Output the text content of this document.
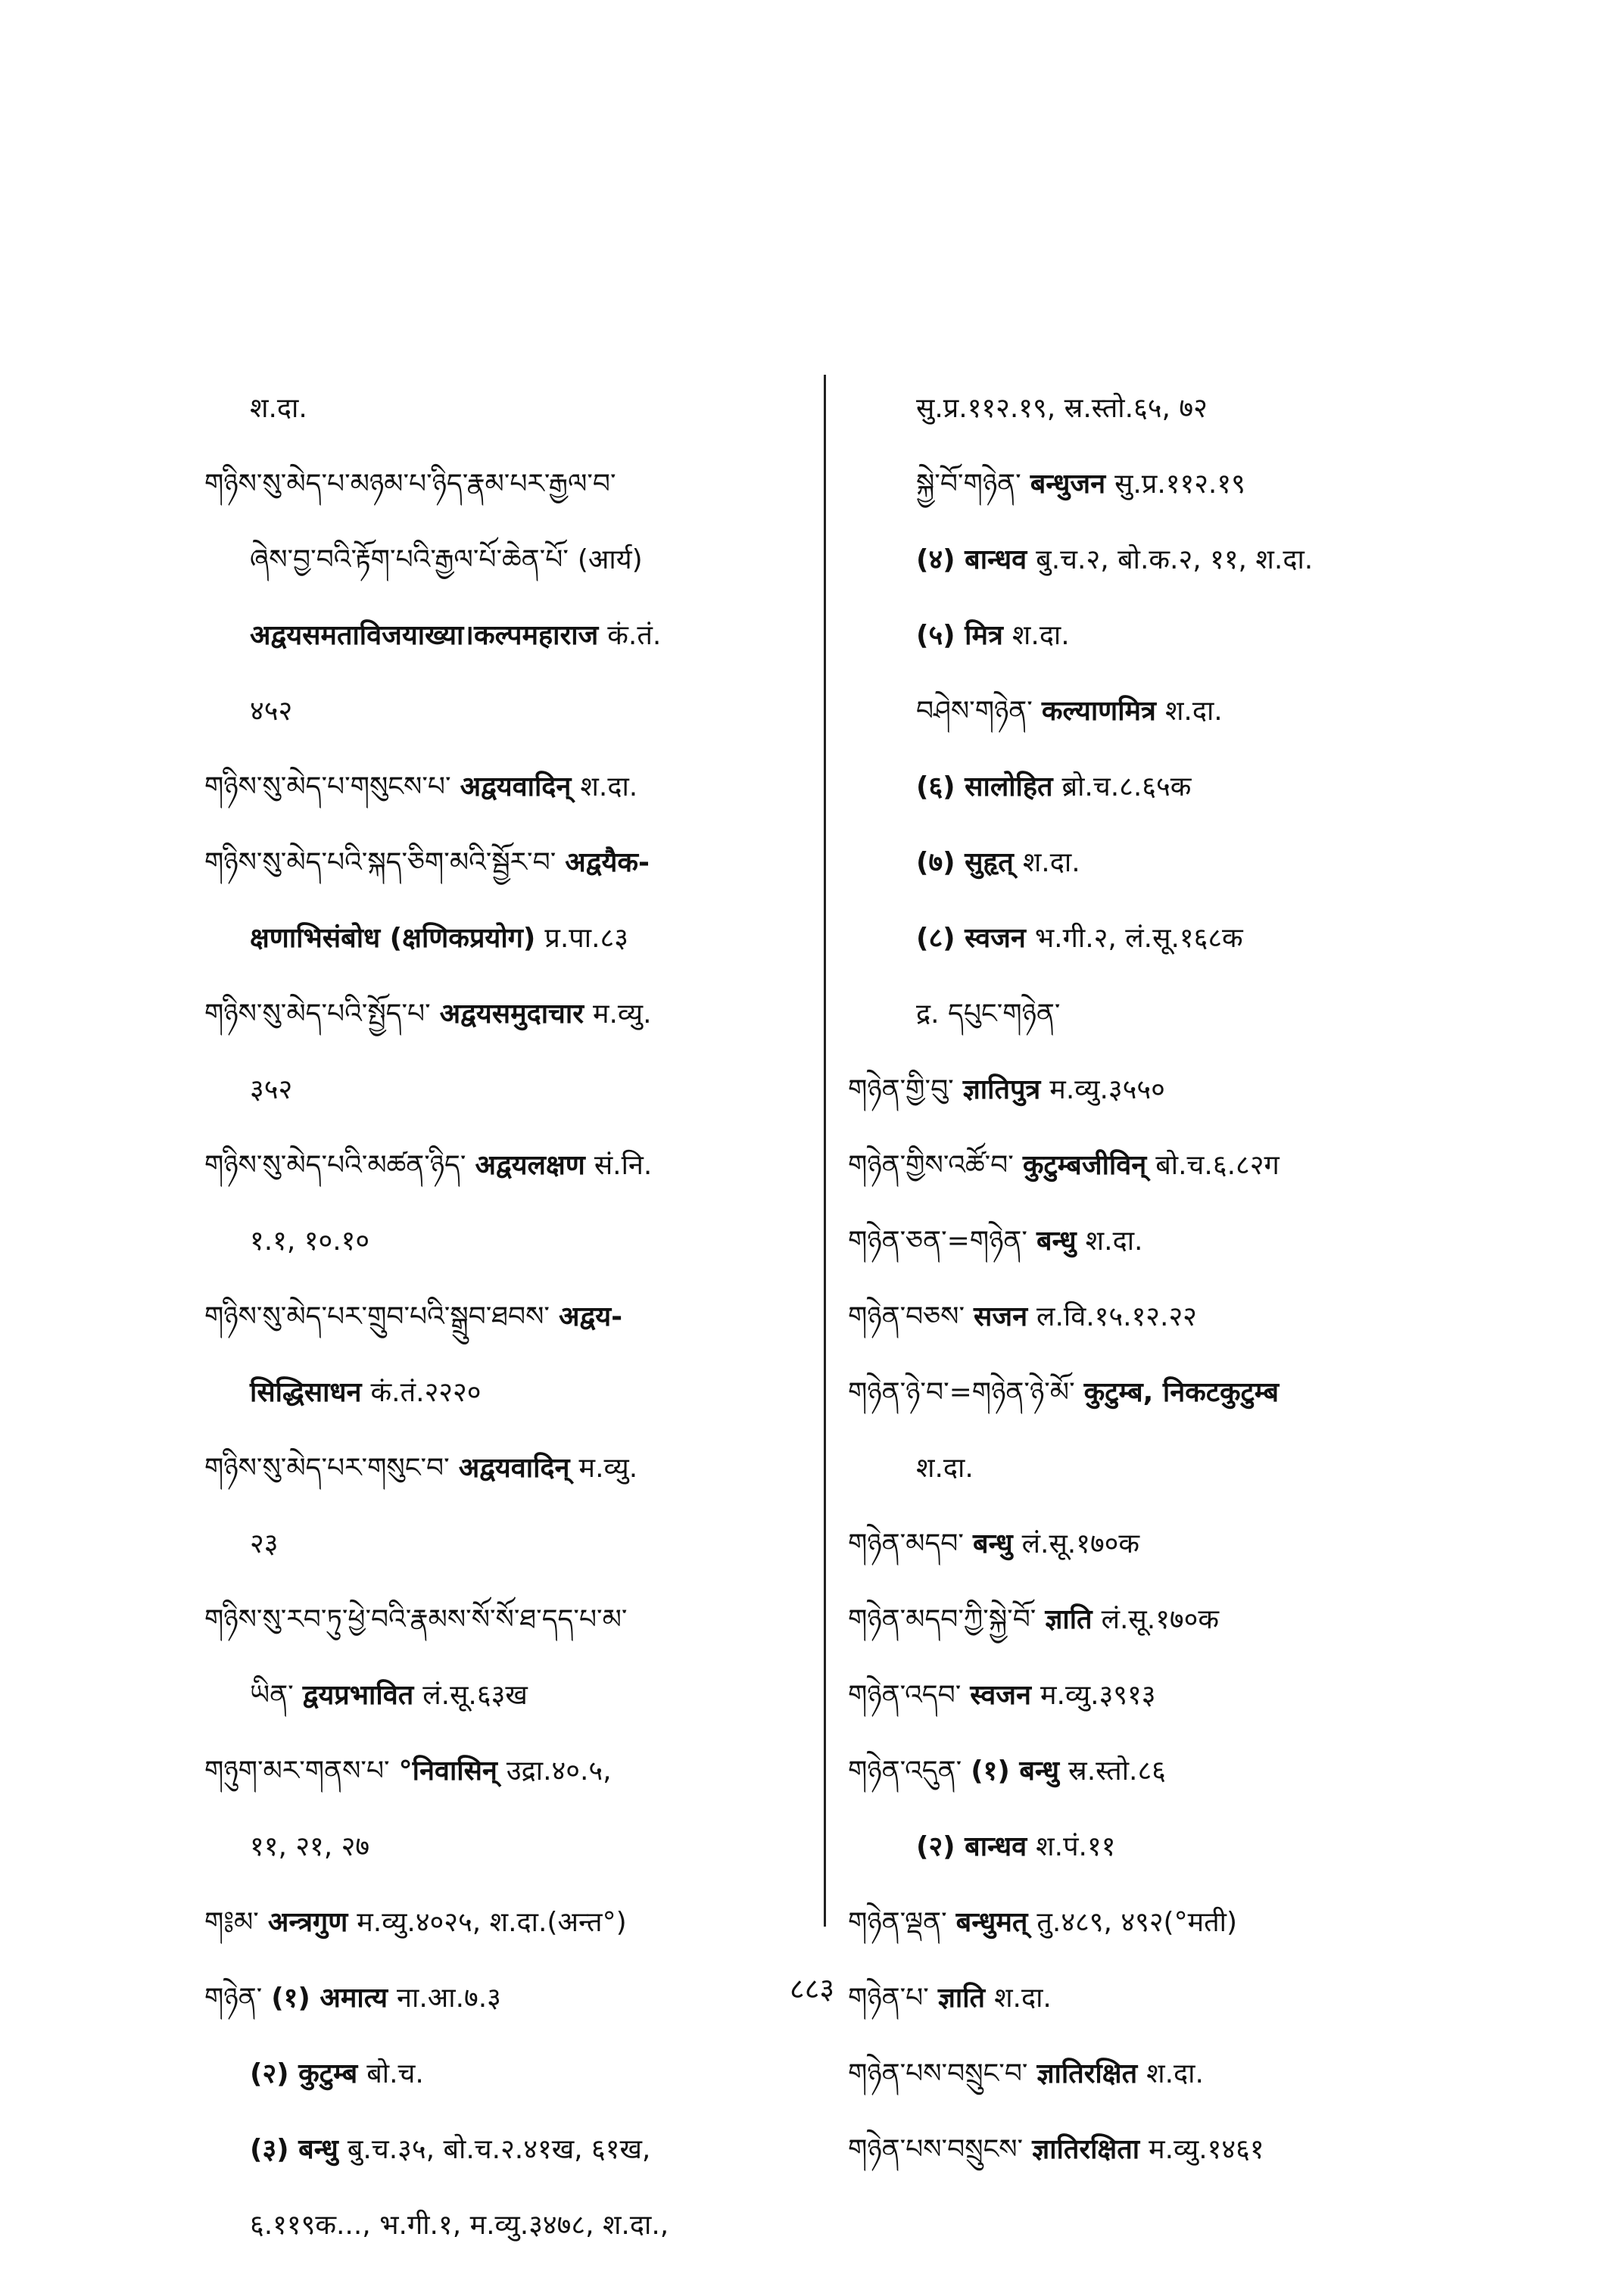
श.दा.
གཉིས་སུ་མེད་པ་མཉམ་པ་ཉིད་རྣམ་པར་རྒྱལ་བ་
ཞེས་བྱ་བའི་རྟོག་པའི་རྒྱལ་པོ་ཆེན་པོ་ (आर्य)
अद्वयसमताविजयाख्या।कल्पमहाराज कं.तं.
४५२
གཉིས་སུ་མེད་པ་གསུངས་པ་ अद्वयवादिन् श.दा.
གཉིས་སུ་མེད་པའི་སྐད་ཅིག་མའི་སྦྱོར་བ་ अद्वयैक-
क्षणाभिसंबोध (क्षणिकप्रयोग) प्र.पा.८३
གཉིས་སུ་མེད་པའི་སྤྱོད་པ་ अद्वयसमुदाचार म.व्यु.
३५२
གཉིས་སུ་མེད་པའི་མཚན་ཉིད་ अद्वयलक्षण सं.नि.
१.१, १०.१०
གཉིས་སུ་མེད་པར་གྲུབ་པའི་སྒྲུབ་ཐབས་ अद्वय-
सिद्धिसाधन कं.तं.२२२०
གཉིས་སུ་མེད་པར་གསུང་བ་ अद्वयवादिन् म.व्यु.
२३
གཉིས་སུ་རབ་ཏུ་ཕྱེ་བའི་རྣམས་སོ་སོ་ཐ་དད་པ་མ་
ཡིན་ द्वयप्रभावित लं.सू.६३ख
གཉུག་མར་གནས་པ་ °निवासिन् उद्रा.४०.५,
११, २१, २७
ག༔མ་ अन्त्रगुण म.व्यु.४०२५, श.दा.(अन्त°)
གཉེན་ (१) अमात्य ना.आ.७.३
(२) कुटुम्ब बो.च.
(३) बन्धु बु.च.३५, बो.च.२.४१ख, ६१ख,
६.११९क..., भ.गी.१, म.व्यु.३४७८, श.दा.,
सु.प्र.११२.१९, स्र.स्तो.६५, ७२
སྐྱེ་བོ་གཉེན་ बन्धुजन सु.प्र.११२.१९
(४) बान्धव बु.च.२, बो.क.२, ११, श.दा.
(५) मित्र श.दा.
བཤེས་གཉེན་ कल्याणमित्र श.दा.
(६) सालोहित ब्रो.च.८.६५क
(७) सुहृत् श.दा.
(८) स्वजन भ.गी.२, लं.सू.१६८क
द्र. དཔུང་གཉེན་
གཉེན་གྱི་བུ་ ज्ञातिपुत्र म.व्यु.३५५०
གཉེན་གྱིས་འཚོ་བ་ कुटुम्बजीविन् बो.च.६.८२ग
གཉེན་ཅན་=གཉེན་ बन्धु श.दा.
གཉེན་བཅས་ सजन ल.वि.१५.१२.२२
གཉེན་ཉེ་བ་=གཉེན་ཉེ་མོ་ कुटुम्ब, निकटकुटुम्ब
श.दा.
གཉེན་མདབ་ बन्धु लं.सू.१७०क
གཉེན་མདབ་ཀྱི་སྐྱེ་བོ་ ज्ञाति लं.सू.१७०क
གཉེན་འདབ་ स्वजन म.व्यु.३९१३
གཉེན་འདུན་ (१) बन्धु स्र.स्तो.८६
(२) बान्धव श.पं.११
གཉེན་ལྡན་ बन्धुमत् तु.४८९, ४९२(°मती)
གཉེན་པ་ ज्ञाति श.दा.
གཉེན་པས་བསྲུང་བ་ ज्ञातिरक्षित श.दा.
གཉེན་པས་བསྲུངས་ ज्ञातिरक्षिता म.व्यु.१४६१
८८३
